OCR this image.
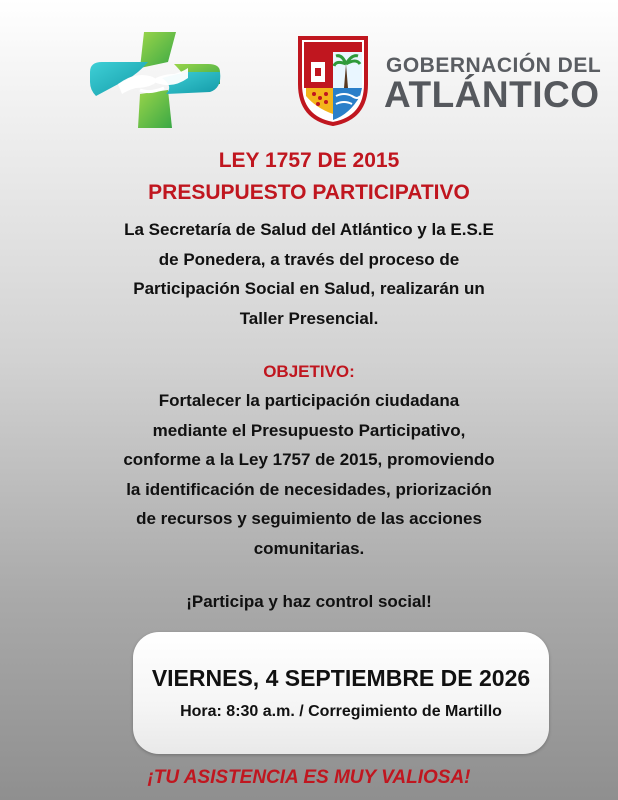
GOBERNACIÓN DEL
ATLÁNTICO
LEY 1757 DE 2015
PRESUPUESTO PARTICIPATIVO
La Secretaría de Salud del Atlántico y la E.S.E
de Ponedera, a través del proceso de
Participación Social en Salud, realizarán un
Taller Presencial.
OBJETIVO:
Fortalecer la participación ciudadana
mediante el Presupuesto Participativo,
conforme a la Ley 1757 de 2015, promoviendo
la identificación de necesidades, priorización
de recursos y seguimiento de las acciones
comunitarias.
¡Participa y haz control social!
VIERNES, 4 SEPTIEMBRE DE 2026
Hora: 8:30 a.m. / Corregimiento de Martillo
¡TU ASISTENCIA ES MUY VALIOSA!
